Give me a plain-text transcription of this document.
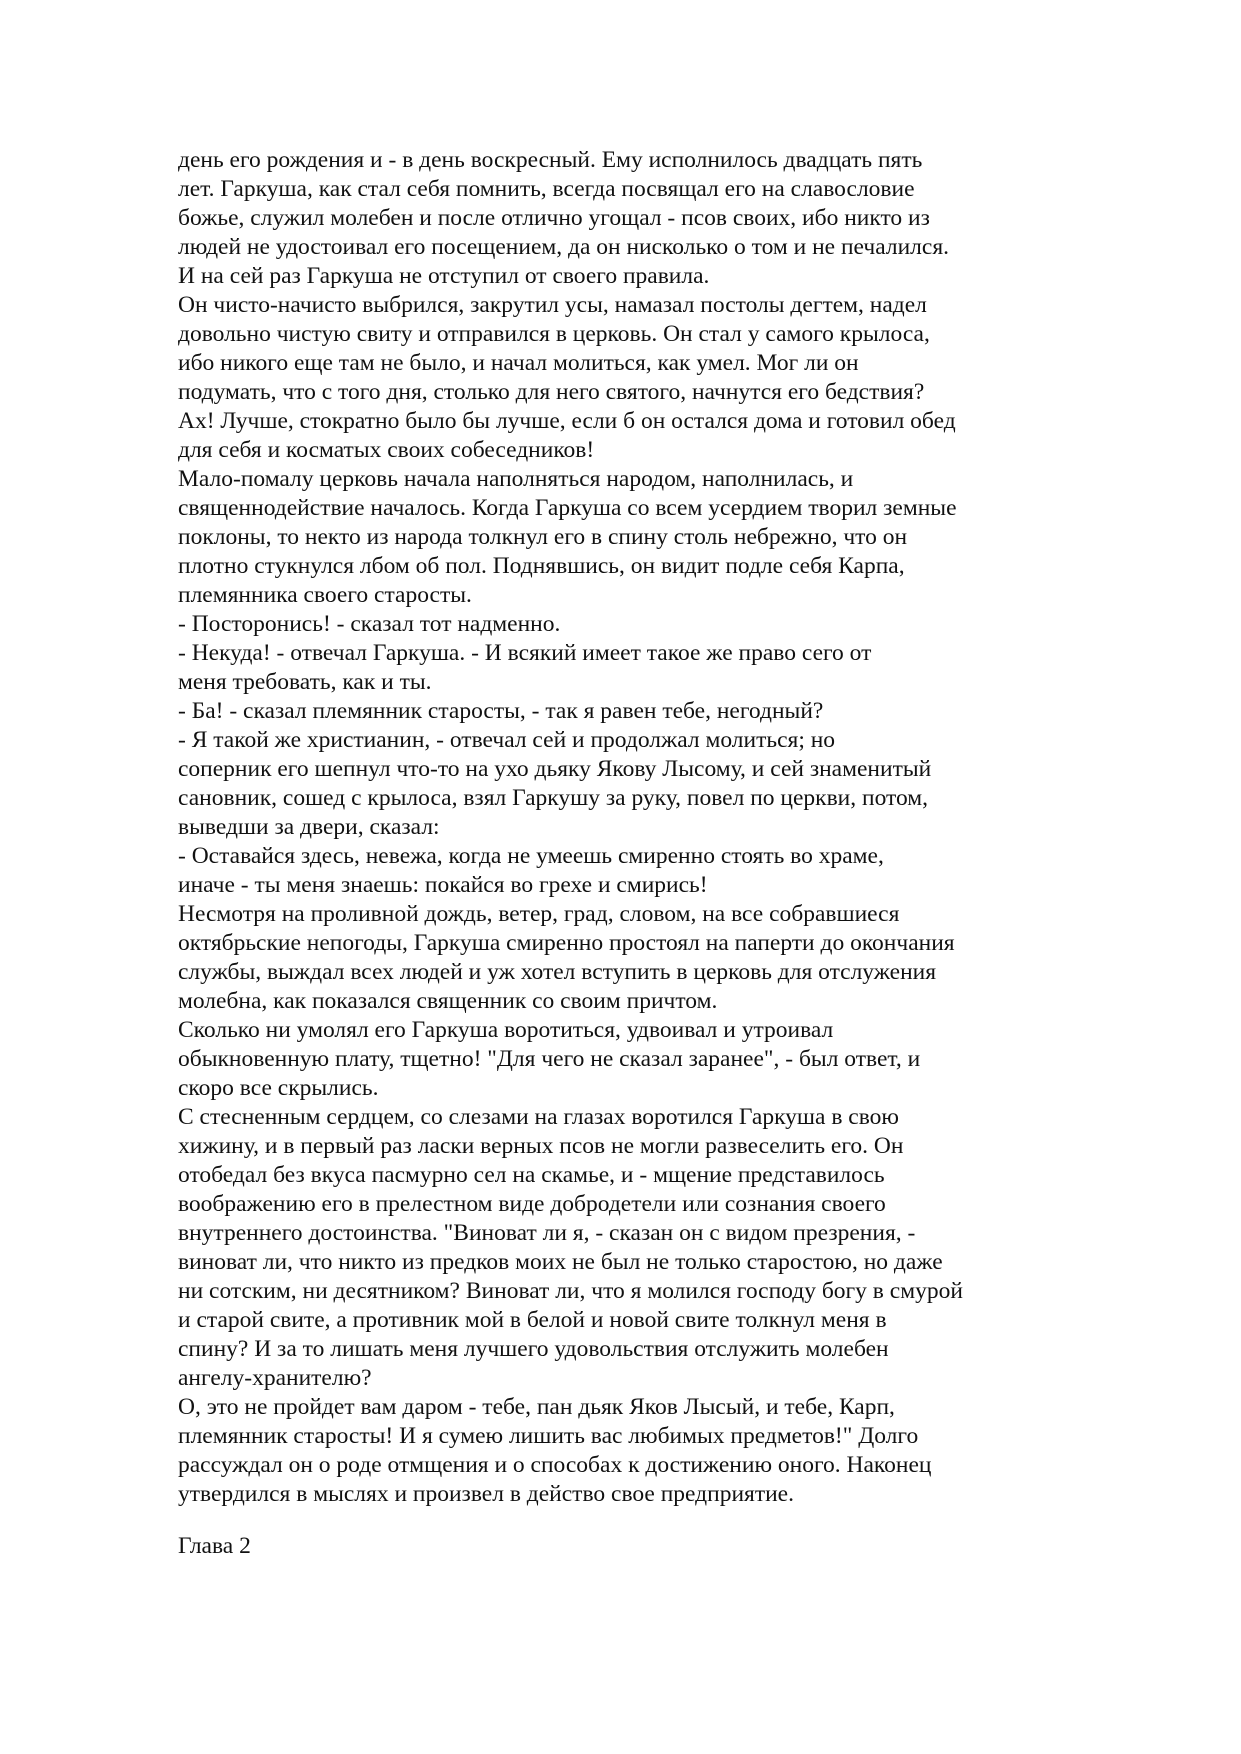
день его рождения и - в день воскресный. Ему исполнилось двадцать пять
лет. Гаркуша, как стал себя помнить, всегда посвящал его на славословие
божье, служил молебен и после отлично угощал - псов своих, ибо никто из
людей не удостоивал его посещением, да он нисколько о том и не печалился.
И на сей раз Гаркуша не отступил от своего правила.
Он чисто-начисто выбрился, закрутил усы, намазал постолы дегтем, надел
довольно чистую свиту и отправился в церковь. Он стал у самого крылоса,
ибо никого еще там не было, и начал молиться, как умел. Мог ли он
подумать, что с того дня, столько для него святого, начнутся его бедствия?
Ах! Лучше, стократно было бы лучше, если б он остался дома и готовил обед
для себя и косматых своих собеседников!
Мало-помалу церковь начала наполняться народом, наполнилась, и
священнодействие началось. Когда Гаркуша со всем усердием творил земные
поклоны, то некто из народа толкнул его в спину столь небрежно, что он
плотно стукнулся лбом об пол. Поднявшись, он видит подле себя Карпа,
племянника своего старосты.
- Посторонись! - сказал тот надменно.
- Некуда! - отвечал Гаркуша. - И всякий имеет такое же право сего от
меня требовать, как и ты.
- Ба! - сказал племянник старосты, - так я равен тебе, негодный?
- Я такой же христианин, - отвечал сей и продолжал молиться; но
соперник его шепнул что-то на ухо дьяку Якову Лысому, и сей знаменитый
сановник, сошед с крылоса, взял Гаркушу за руку, повел по церкви, потом,
выведши за двери, сказал:
- Оставайся здесь, невежа, когда не умеешь смиренно стоять во храме,
иначе - ты меня знаешь: покайся во грехе и смирись!
Несмотря на проливной дождь, ветер, град, словом, на все собравшиеся
октябрьские непогоды, Гаркуша смиренно простоял на паперти до окончания
службы, выждал всех людей и уж хотел вступить в церковь для отслужения
молебна, как показался священник со своим причтом.
Сколько ни умолял его Гаркуша воротиться, удвоивал и утроивал
обыкновенную плату, тщетно! "Для чего не сказал заранее", - был ответ, и
скоро все скрылись.
С стесненным сердцем, со слезами на глазах воротился Гаркуша в свою
хижину, и в первый раз ласки верных псов не могли развеселить его. Он
отобедал без вкуса пасмурно сел на скамье, и - мщение представилось
воображению его в прелестном виде добродетели или сознания своего
внутреннего достоинства. "Виноват ли я, - сказан он с видом презрения, -
виноват ли, что никто из предков моих не был не только старостою, но даже
ни сотским, ни десятником? Виноват ли, что я молился господу богу в смурой
и старой свите, а противник мой в белой и новой свите толкнул меня в
спину? И за то лишать меня лучшего удовольствия отслужить молебен
ангелу-хранителю?
О, это не пройдет вам даром - тебе, пан дьяк Яков Лысый, и тебе, Карп,
племянник старосты! И я сумею лишить вас любимых предметов!" Долго
рассуждал он о роде отмщения и о способах к достижению оного. Наконец
утвердился в мыслях и произвел в действо свое предприятие.
Глава 2
